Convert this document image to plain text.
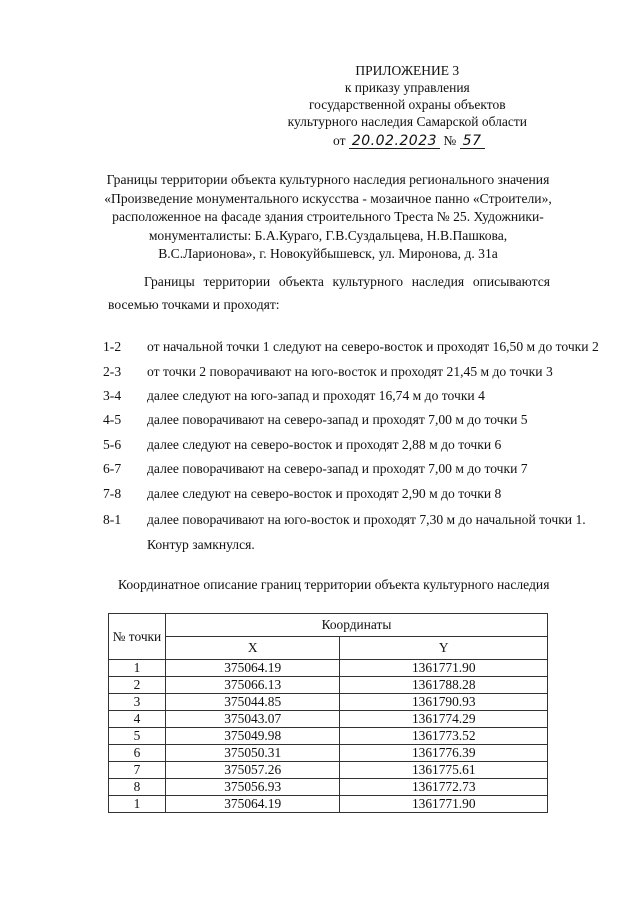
ПРИЛОЖЕНИЕ 3
к приказу управления
государственной охраны объектов
культурного наследия Самарской области
от 20.02.2023 № 57
Границы территории объекта культурного наследия регионального значения
«Произведение монументального искусства - мозаичное панно «Строители»,
расположенное на фасаде здания строительного Треста № 25. Художники-
монументалисты: Б.А.Кураго, Г.В.Суздальцева, Н.В.Пашкова,
В.С.Ларионова», г. Новокуйбышевск, ул. Миронова, д. 31а
Границы территории объекта культурного наследия описываются
восемью точками и проходят:
1-2 от начальной точки 1 следуют на северо-восток и проходят 16,50 м до точки 2
2-3 от точки 2 поворачивают на юго-восток и проходят 21,45 м до точки 3
3-4 далее следуют на юго-запад и проходят 16,74 м до точки 4
4-5 далее поворачивают на северо-запад и проходят 7,00 м до точки 5
5-6 далее следуют на северо-восток и проходят 2,88 м до точки 6
6-7 далее поворачивают на северо-запад и проходят 7,00 м до точки 7
7-8 далее следуют на северо-восток и проходят 2,90 м до точки 8
8-1 далее поворачивают на юго-восток и проходят 7,30 м до начальной точки 1.
Контур замкнулся.
Координатное описание границ территории объекта культурного наследия
№ точки	Координаты	
	X	Y
1	375064.19	1361771.90
2	375066.13	1361788.28
3	375044.85	1361790.93
4	375043.07	1361774.29
5	375049.98	1361773.52
6	375050.31	1361776.39
7	375057.26	1361775.61
8	375056.93	1361772.73
1	375064.19	1361771.90
